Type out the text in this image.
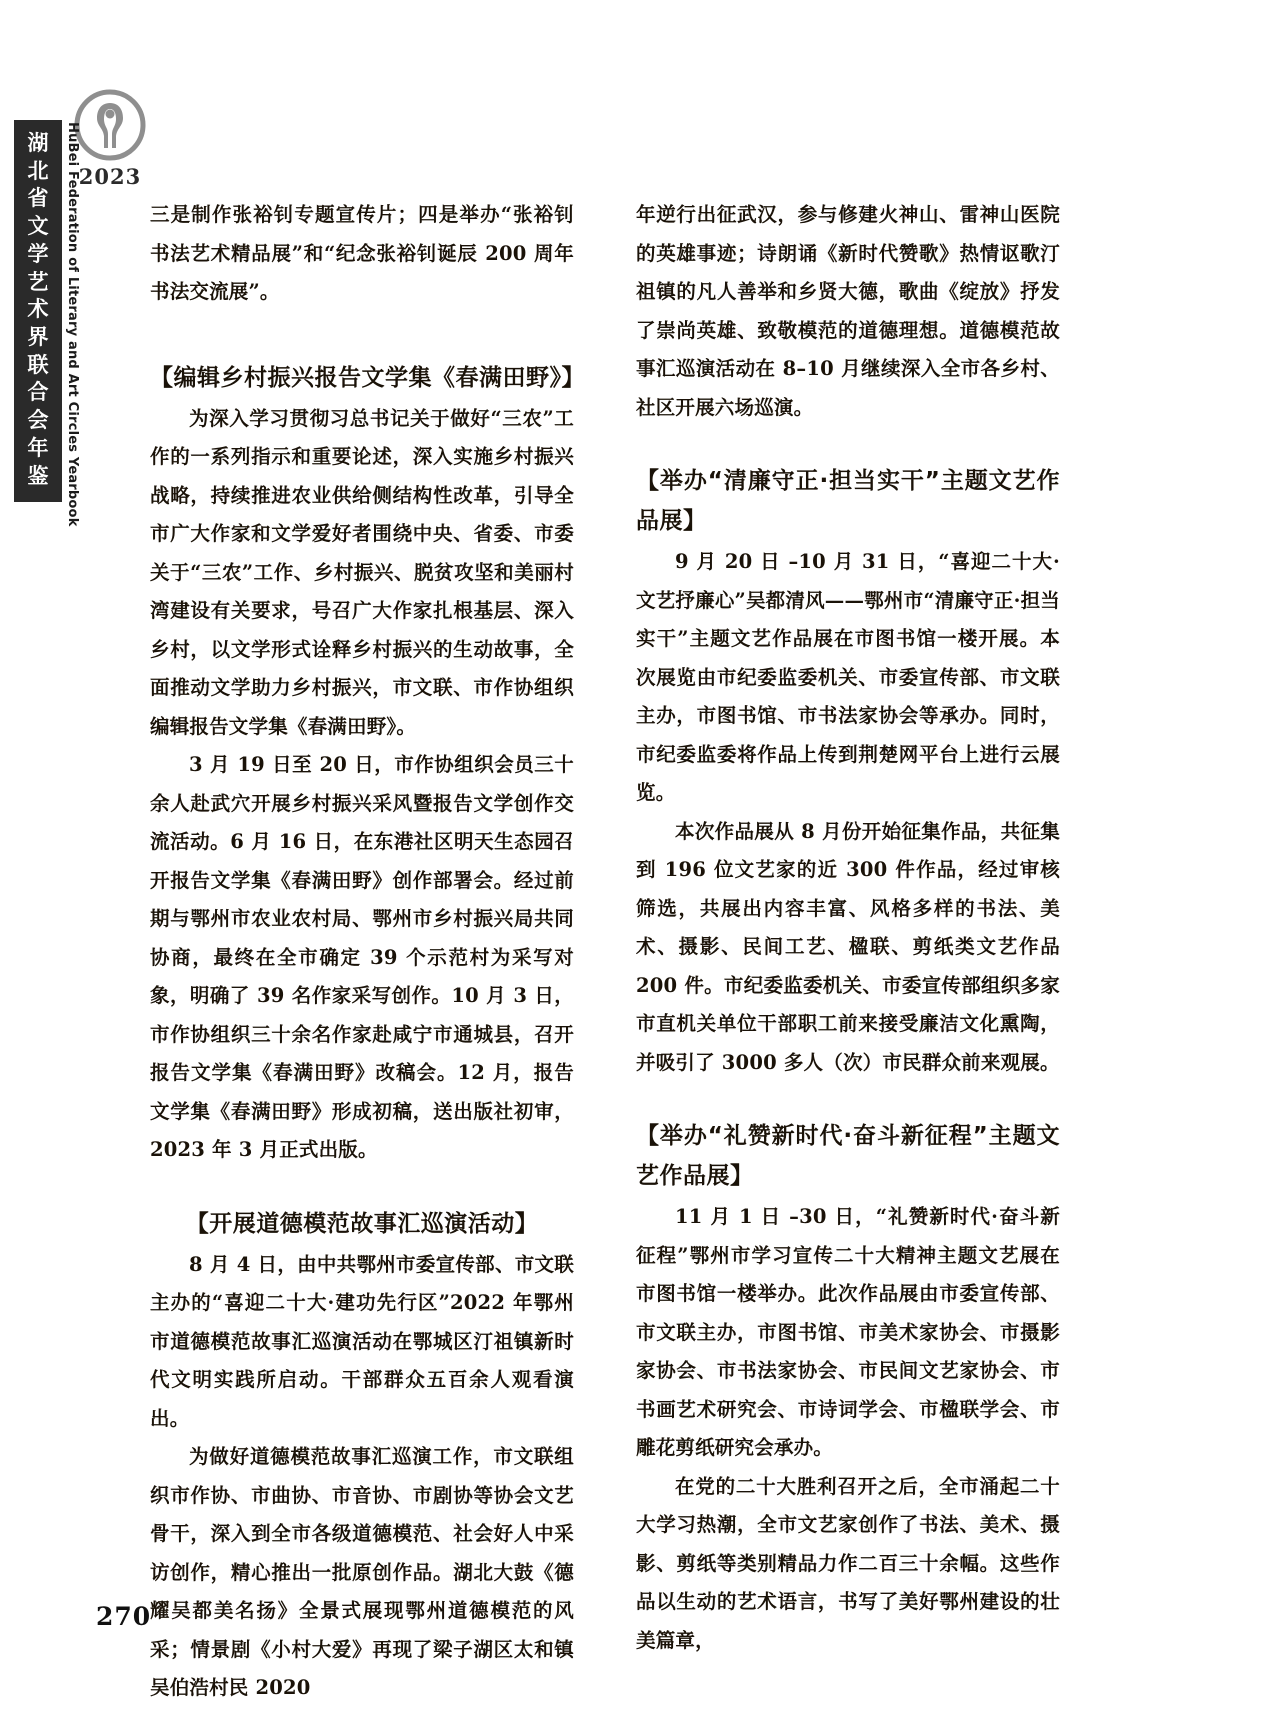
2023
湖
北
省
文
学
艺
术
界
联
合
会
年
鉴	HuBei Federation of Literary and Art Circles Yearbook	三是制作张裕钊专题宣传片；四是举办“张裕钊书法艺术精品展”和“纪念张裕钊诞辰 200 周年书法交流展”。

【编辑乡村振兴报告文学集《春满田野》】

为深入学习贯彻习总书记关于做好“三农”工作的一系列指示和重要论述，深入实施乡村振兴战略，持续推进农业供给侧结构性改革，引导全市广大作家和文学爱好者围绕中央、省委、市委关于“三农”工作、乡村振兴、脱贫攻坚和美丽村湾建设有关要求，号召广大作家扎根基层、深入乡村，以文学形式诠释乡村振兴的生动故事，全面推动文学助力乡村振兴，市文联、市作协组织编辑报告文学集《春满田野》。

3 月 19 日至 20 日，市作协组织会员三十余人赴武穴开展乡村振兴采风暨报告文学创作交流活动。6 月 16 日，在东港社区明天生态园召开报告文学集《春满田野》创作部署会。经过前期与鄂州市农业农村局、鄂州市乡村振兴局共同协商，最终在全市确定 39 个示范村为采写对象，明确了 39 名作家采写创作。10 月 3 日，市作协组织三十余名作家赴咸宁市通城县，召开报告文学集《春满田野》改稿会。12 月，报告文学集《春满田野》形成初稿，送出版社初审，2023 年 3 月正式出版。

【开展道德模范故事汇巡演活动】

8 月 4 日，由中共鄂州市委宣传部、市文联主办的“喜迎二十大·建功先行区”2022 年鄂州市道德模范故事汇巡演活动在鄂城区汀祖镇新时代文明实践所启动。干部群众五百余人观看演出。

为做好道德模范故事汇巡演工作，市文联组织市作协、市曲协、市音协、市剧协等协会文艺骨干，深入到全市各级道德模范、社会好人中采访创作，精心推出一批原创作品。湖北大鼓《德耀吴都美名扬》全景式展现鄂州道德模范的风采；情景剧《小村大爱》再现了梁子湖区太和镇吴伯浩村民 2020

年逆行出征武汉，参与修建火神山、雷神山医院的英雄事迹；诗朗诵《新时代赞歌》热情讴歌汀祖镇的凡人善举和乡贤大德，歌曲《绽放》抒发了崇尚英雄、致敬模范的道德理想。道德模范故事汇巡演活动在 8–10 月继续深入全市各乡村、社区开展六场巡演。

【举办“清廉守正·担当实干”主题文艺作品展】

9 月 20 日 –10 月 31 日，“喜迎二十大·文艺抒廉心”吴都清风——鄂州市“清廉守正·担当实干”主题文艺作品展在市图书馆一楼开展。本次展览由市纪委监委机关、市委宣传部、市文联主办，市图书馆、市书法家协会等承办。同时，市纪委监委将作品上传到荆楚网平台上进行云展览。

本次作品展从 8 月份开始征集作品，共征集到 196 位文艺家的近 300 件作品，经过审核筛选，共展出内容丰富、风格多样的书法、美术、摄影、民间工艺、楹联、剪纸类文艺作品 200 件。市纪委监委机关、市委宣传部组织多家市直机关单位干部职工前来接受廉洁文化熏陶，并吸引了 3000 多人（次）市民群众前来观展。

【举办“礼赞新时代·奋斗新征程”主题文艺作品展】

11 月 1 日 –30 日，“礼赞新时代·奋斗新征程”鄂州市学习宣传二十大精神主题文艺展在市图书馆一楼举办。此次作品展由市委宣传部、市文联主办，市图书馆、市美术家协会、市摄影家协会、市书法家协会、市民间文艺家协会、市书画艺术研究会、市诗词学会、市楹联学会、市雕花剪纸研究会承办。

在党的二十大胜利召开之后，全市涌起二十大学习热潮，全市文艺家创作了书法、美术、摄影、剪纸等类别精品力作二百三十余幅。这些作品以生动的艺术语言，书写了美好鄂州建设的壮美篇章，

270
